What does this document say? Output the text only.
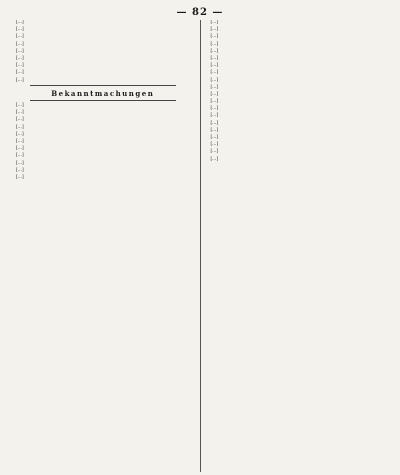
— 82 —

[…]

[…]

[…]

[…]

[…]

[…]

[…]

[…]

[…]

Bekanntmachungen

[…]

[…]

[…]

[…]

[…]

[…]

[…]

[…]

[…]

[…]

[…]

[…]

[…]

[…]

[…]

[…]

[…]

[…]

[…]

[…]

[…]

[…]

[…]

[…]

[…]

[…]

[…]

[…]

[…]

[…]

[…]
